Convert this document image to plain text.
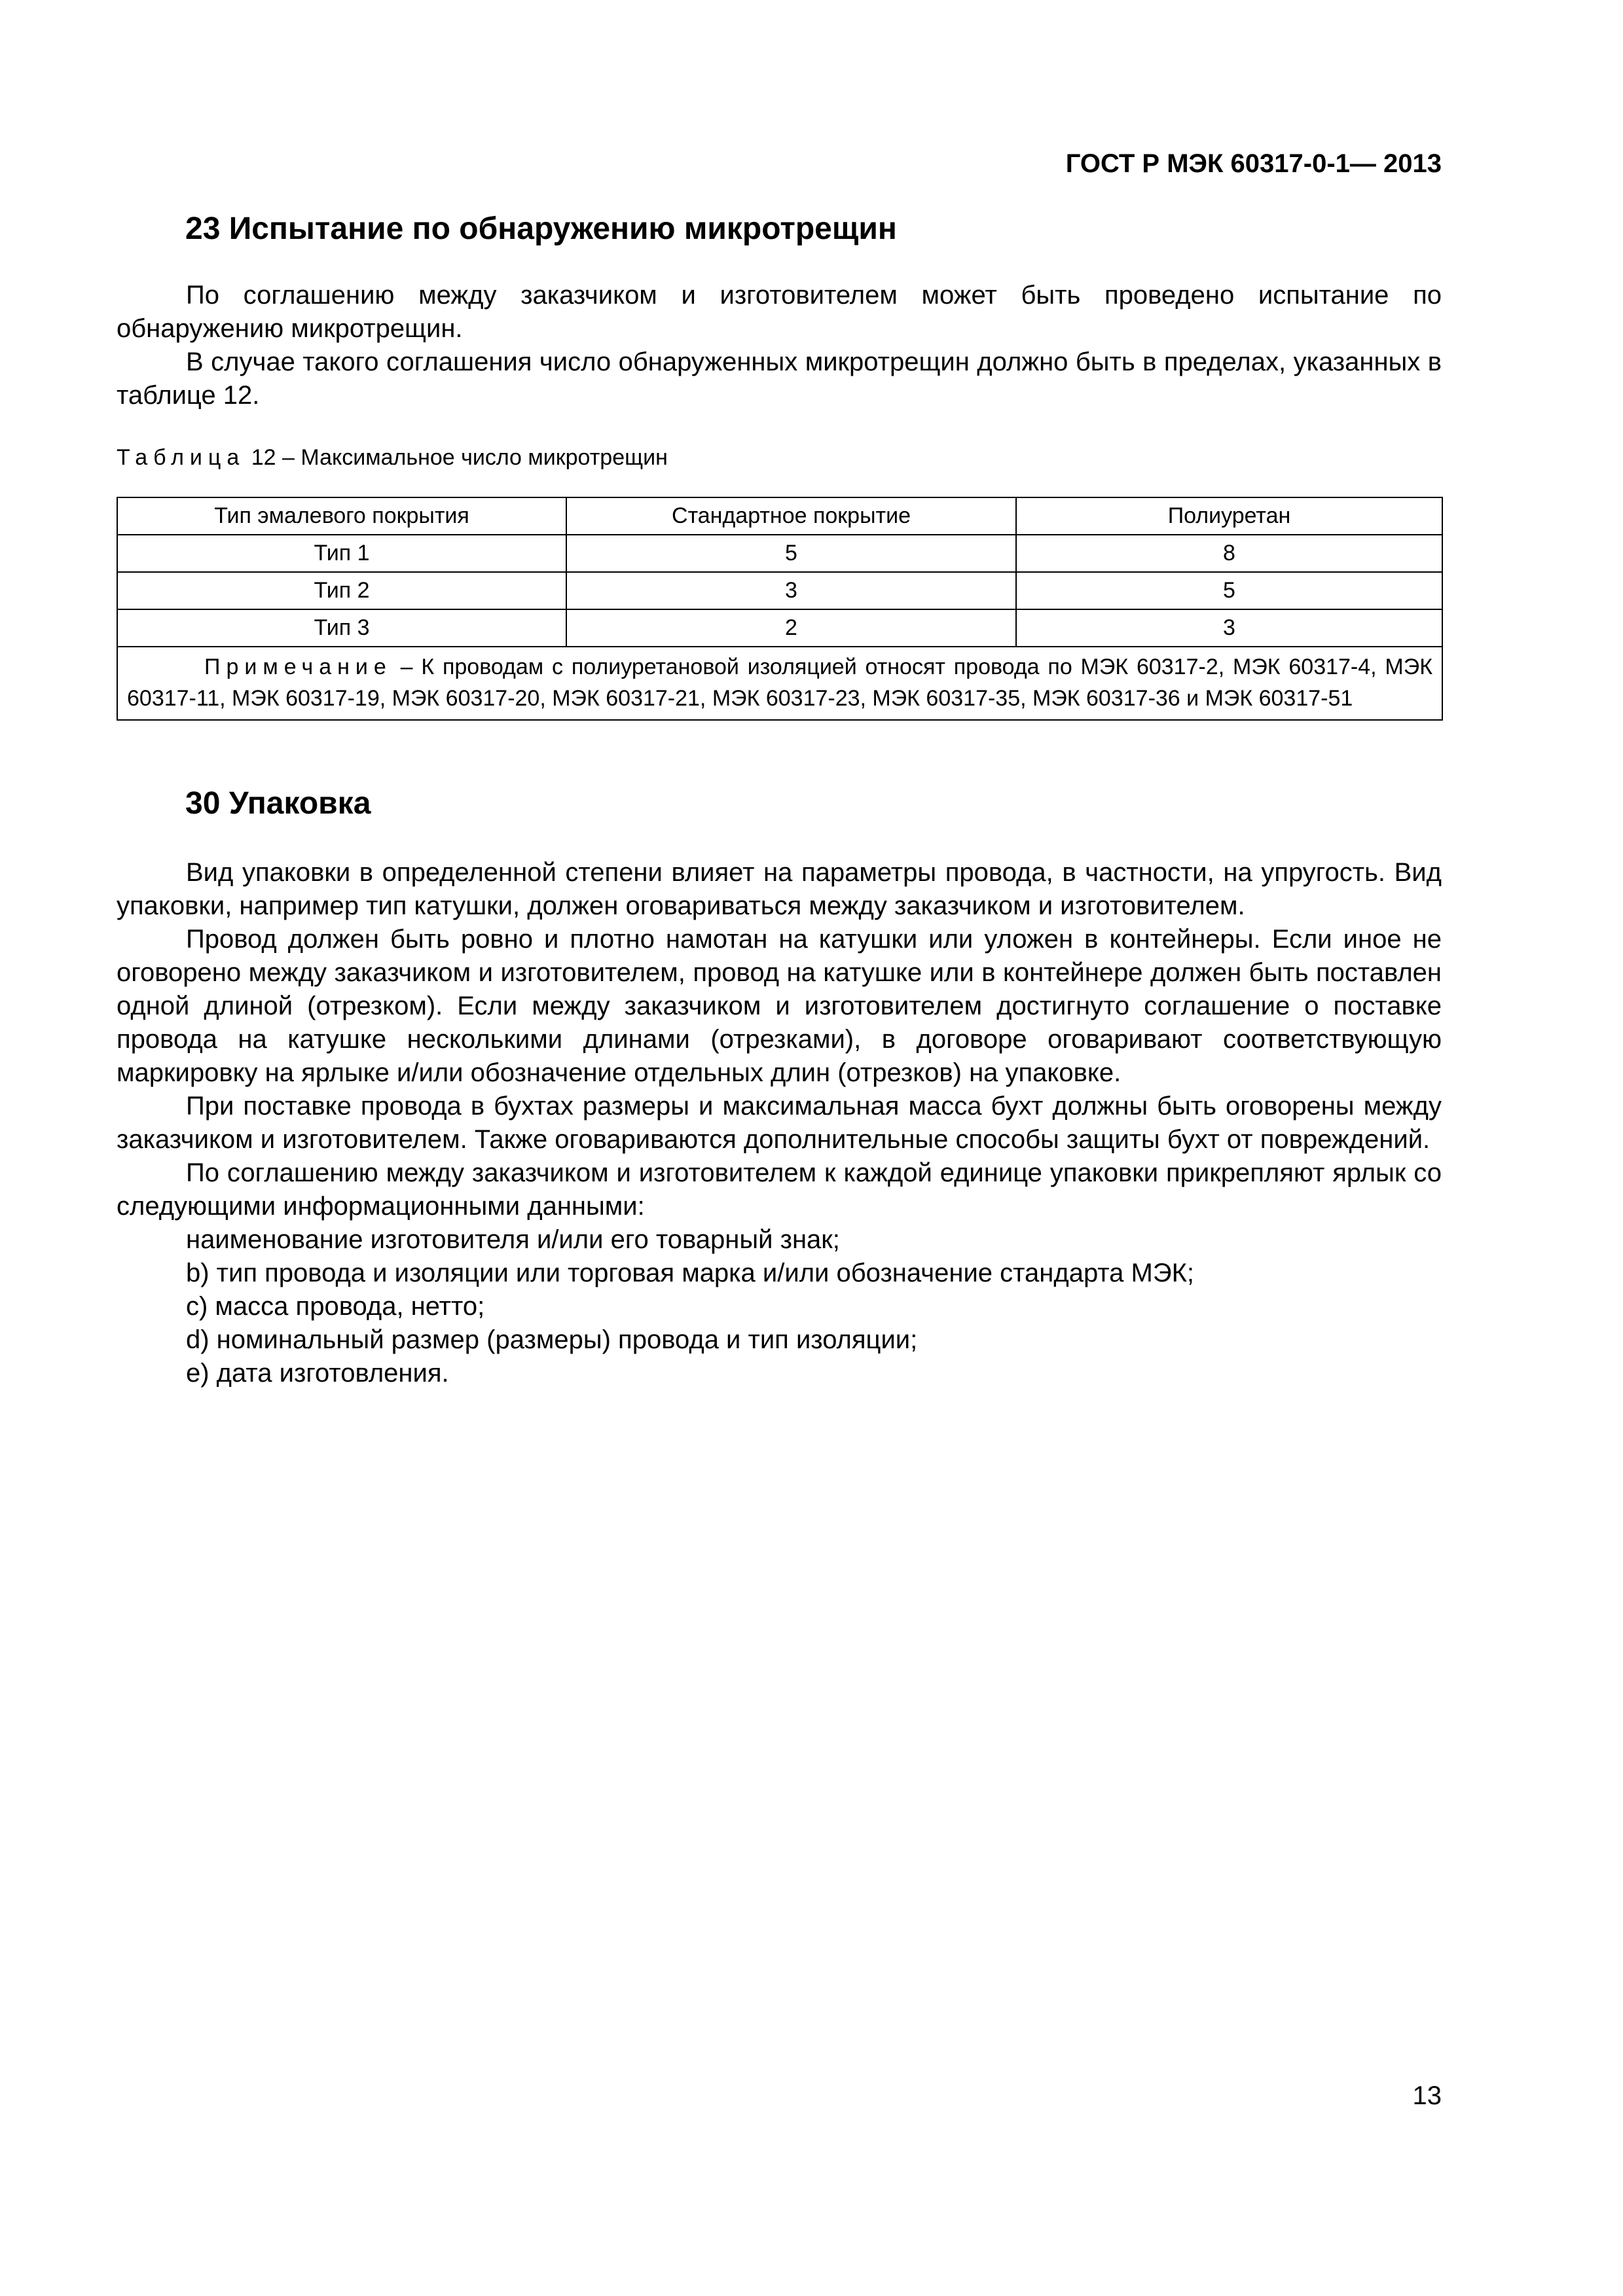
ГОСТ Р МЭК 60317-0-1— 2013
23 Испытание по обнаружению микротрещин

По соглашению между заказчиком и изготовителем может быть проведено испытание по обнаружению микротрещин.

В случае такого соглашения число обнаруженных микротрещин должно быть в пределах, указанных в таблице 12.

Таблица 12 – Максимальное число микротрещин
Тип эмалевого покрытия	Стандартное покрытие	Полиуретан
Тип 1	5	8
Тип 2	3	5
Тип 3	2	3
Примечание – К проводам с полиуретановой изоляцией относят провода по МЭК 60317-2, МЭК 60317-4, МЭК 60317-11, МЭК 60317-19, МЭК 60317-20, МЭК 60317-21, МЭК 60317-23, МЭК 60317-35, МЭК 60317-36 и МЭК 60317-51		
30 Упаковка

Вид упаковки в определенной степени влияет на параметры провода, в частности, на упругость. Вид упаковки, например тип катушки, должен оговариваться между заказчиком и изготовителем.

Провод должен быть ровно и плотно намотан на катушки или уложен в контейнеры. Если иное не оговорено между заказчиком и изготовителем, провод на катушке или в контейнере должен быть поставлен одной длиной (отрезком). Если между заказчиком и изготовителем достигнуто соглашение о поставке провода на катушке несколькими длинами (отрезками), в договоре оговаривают соответствующую маркировку на ярлыке и/или обозначение отдельных длин (отрезков) на упаковке.

При поставке провода в бухтах размеры и максимальная масса бухт должны быть оговорены между заказчиком и изготовителем. Также оговариваются дополнительные способы защиты бухт от повреждений.

По соглашению между заказчиком и изготовителем к каждой единице упаковки прикрепляют ярлык со следующими информационными данными:

наименование изготовителя и/или его товарный знак;

b) тип провода и изоляции или торговая марка и/или обозначение стандарта МЭК;

c) масса провода, нетто;

d) номинальный размер (размеры) провода и тип изоляции;

e) дата изготовления.

13
